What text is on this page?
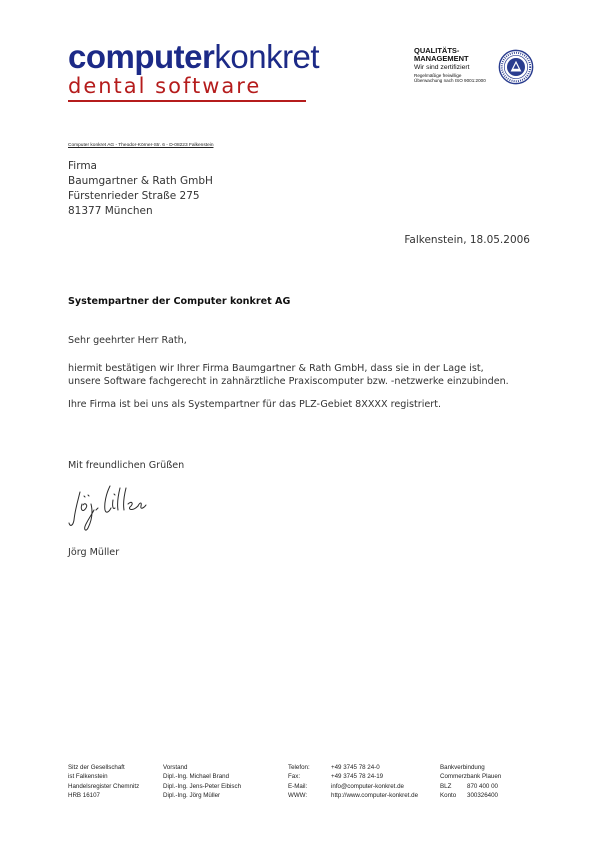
computerkonkret
dental software
QUALITÄTS-
MANAGEMENT
Wir sind zertifiziert
Regelmäßige freiwillige Überwachung nach ISO 9001:2000
Computer konkret AG - Theodor-Körner-Str. 6 - D-08223 Falkenstein
Firma
Baumgartner & Rath GmbH
Fürstenrieder Straße 275
81377 München
Falkenstein, 18.05.2006
Systempartner der Computer konkret AG
Sehr geehrter Herr Rath,
hiermit bestätigen wir Ihrer Firma Baumgartner & Rath GmbH, dass sie in der Lage ist,
unsere Software fachgerecht in zahnärztliche Praxiscomputer bzw. -netzwerke einzubinden.
Ihre Firma ist bei uns als Systempartner für das PLZ-Gebiet 8XXXX registriert.
Mit freundlichen Grüßen
Jörg Müller
Sitz der Gesellschaft
ist Falkenstein
Handelsregister Chemnitz
HRB 16107
Vorstand
Dipl.-Ing. Michael Brand
Dipl.-Ing. Jens-Peter Eibisch
Dipl.-Ing. Jörg Müller
Telefon:
Fax:
E-Mail:
WWW:
+49 3745 78 24-0
+49 3745 78 24-19
info@computer-konkret.de
http://www.computer-konkret.de
Bankverbindung
Commerzbank Plauen
BLZ
Konto

870 400 00
300326400
